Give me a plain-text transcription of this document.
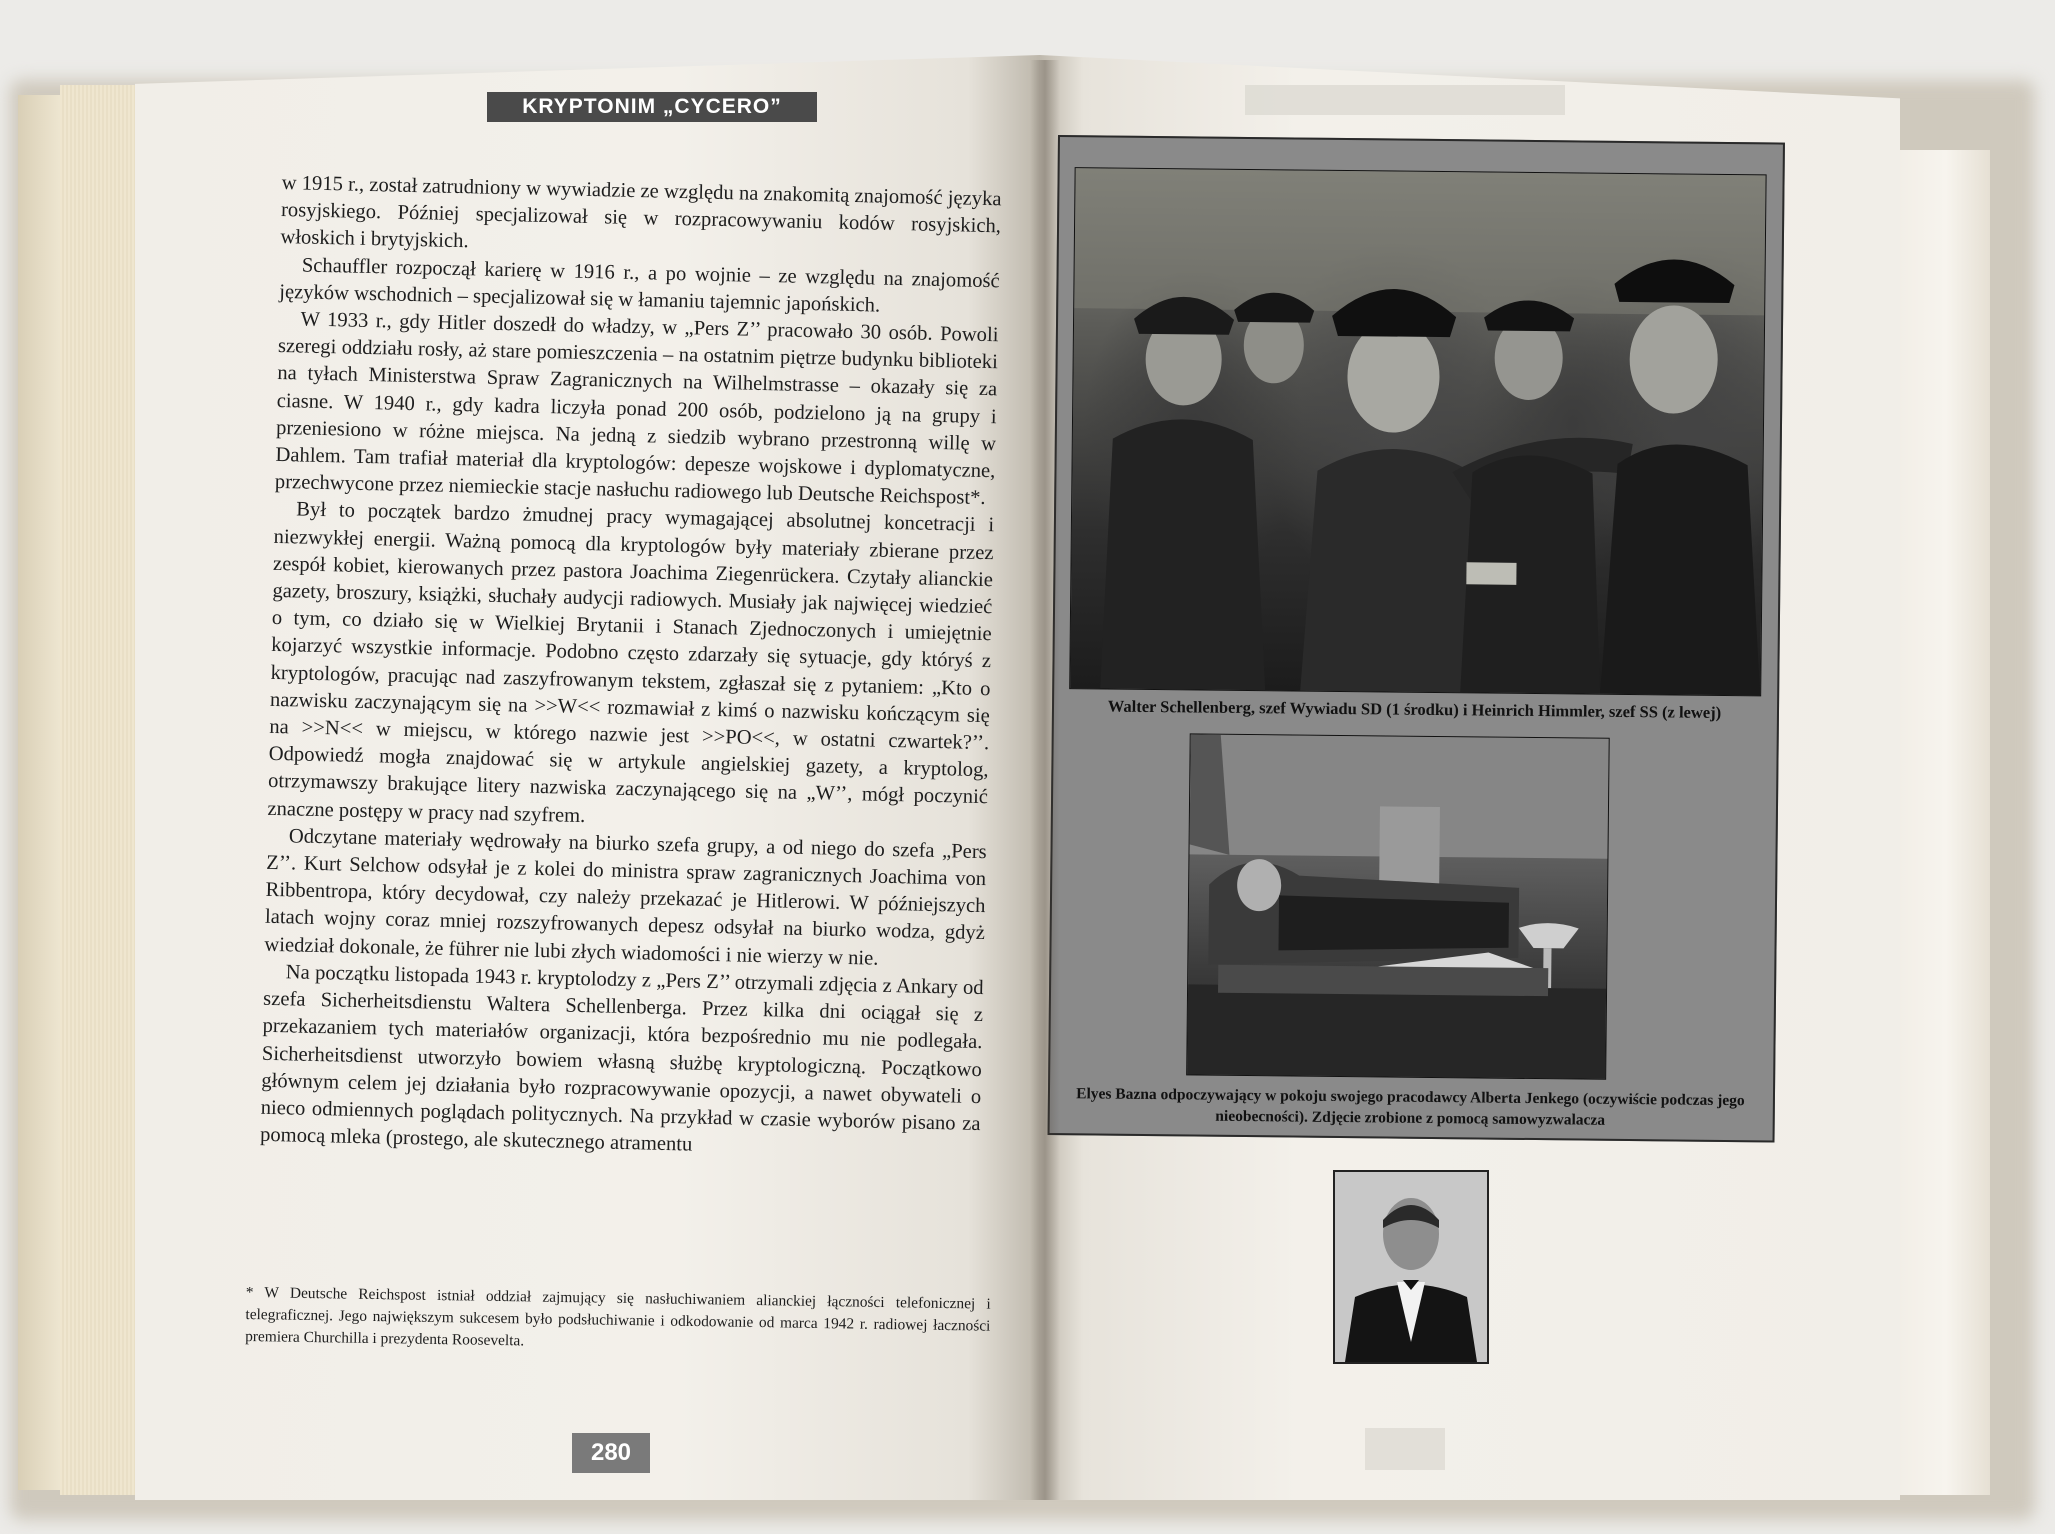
KRYPTONIM „CYCERO”

w 1915 r., został zatrudniony w wywiadzie ze względu na znakomitą znajomość języka rosyjskiego. Później specjalizował się w rozpracowywaniu kodów rosyjskich, włoskich i brytyjskich.

Schauffler rozpoczął karierę w 1916 r., a po wojnie – ze względu na znajomość języków wschodnich – specjalizował się w łamaniu tajemnic japońskich.

W 1933 r., gdy Hitler doszedł do władzy, w „Pers Z’’ pracowało 30 osób. Powoli szeregi oddziału rosły, aż stare pomieszczenia – na ostatnim piętrze budynku biblioteki na tyłach Ministerstwa Spraw Zagranicznych na Wilhelmstrasse – okazały się za ciasne. W 1940 r., gdy kadra liczyła ponad 200 osób, podzielono ją na grupy i przeniesiono w różne miejsca. Na jedną z siedzib wybrano przestronną willę w Dahlem. Tam trafiał materiał dla kryptologów: depesze wojskowe i dyplomatyczne, przechwycone przez niemieckie stacje nasłuchu radiowego lub Deutsche Reichspost*.

Był to początek bardzo żmudnej pracy wymagającej absolutnej koncetracji i niezwykłej energii. Ważną pomocą dla kryptologów były materiały zbierane przez zespół kobiet, kierowanych przez pastora Joachima Ziegenrückera. Czytały alianckie gazety, broszury, książki, słuchały audycji radiowych. Musiały jak najwięcej wiedzieć o tym, co działo się w Wielkiej Brytanii i Stanach Zjednoczonych i umiejętnie kojarzyć wszystkie informacje. Podobno często zdarzały się sytuacje, gdy któryś z kryptologów, pracując nad zaszyfrowanym tekstem, zgłaszał się z pytaniem: „Kto o nazwisku zaczynającym się na >>W<< rozmawiał z kimś o nazwisku kończącym się na >>N<< w miejscu, w którego nazwie jest >>PO<<, w ostatni czwartek?’’. Odpowiedź mogła znajdować się w artykule angielskiej gazety, a kryptolog, otrzymawszy brakujące litery nazwiska zaczynającego się na „W’’, mógł poczynić znaczne postępy w pracy nad szyfrem.

Odczytane materiały wędrowały na biurko szefa grupy, a od niego do szefa „Pers Z’’. Kurt Selchow odsyłał je z kolei do ministra spraw zagranicznych Joachima von Ribbentropa, który decydował, czy należy przekazać je Hitlerowi. W późniejszych latach wojny coraz mniej rozszyfrowanych depesz odsyłał na biurko wodza, gdyż wiedział dokonale, że führer nie lubi złych wiadomości i nie wierzy w nie.

Na początku listopada 1943 r. kryptolodzy z „Pers Z’’ otrzymali zdjęcia z Ankary od szefa Sicherheitsdienstu Waltera Schellenberga. Przez kilka dni ociągał się z przekazaniem tych materiałów organizacji, która bezpośrednio mu nie podlegała. Sicherheitsdienst utworzyło bowiem własną służbę kryptologiczną. Początkowo głównym celem jej działania było rozpracowywanie opozycji, a nawet obywateli o nieco odmiennych poglądach politycznych. Na przykład w czasie wyborów pisano za pomocą mleka (prostego, ale skutecznego atramentu

* W Deutsche Reichspost istniał oddział zajmujący się nasłuchiwaniem alianckiej łączności telefonicznej i telegraficznej. Jego największym sukcesem było podsłuchiwanie i odkodowanie od marca 1942 r. radiowej łaczności premiera Churchilla i prezydenta Roosevelta.
280
Walter Schellenberg, szef Wywiadu SD (1 środku) i Heinrich Himmler, szef SS (z lewej)
Elyes Bazna odpoczywający w pokoju swojego pracodawcy Alberta Jenkego (oczywiście podczas jego nieobecności). Zdjęcie zrobione z pomocą samowyzwalacza
